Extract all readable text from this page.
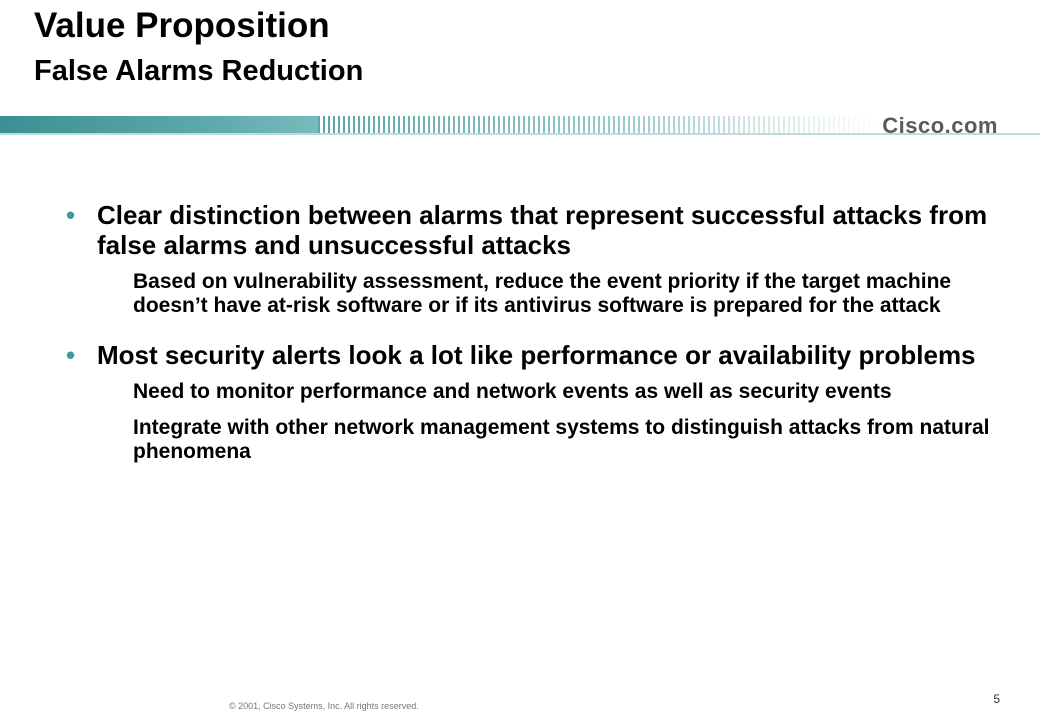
Value Proposition
False Alarms Reduction
Cisco.com
• Clear distinction between alarms that represent successful attacks from false alarms and unsuccessful attacks

Based on vulnerability assessment, reduce the event priority if the target machine doesn’t have at-risk software or if its antivirus software is prepared for the attack

• Most security alerts look a lot like performance or availability problems

Need to monitor performance and network events as well as security events

Integrate with other network management systems to distinguish attacks from natural phenomena

© 2001, Cisco Systems, Inc. All rights reserved.	5
